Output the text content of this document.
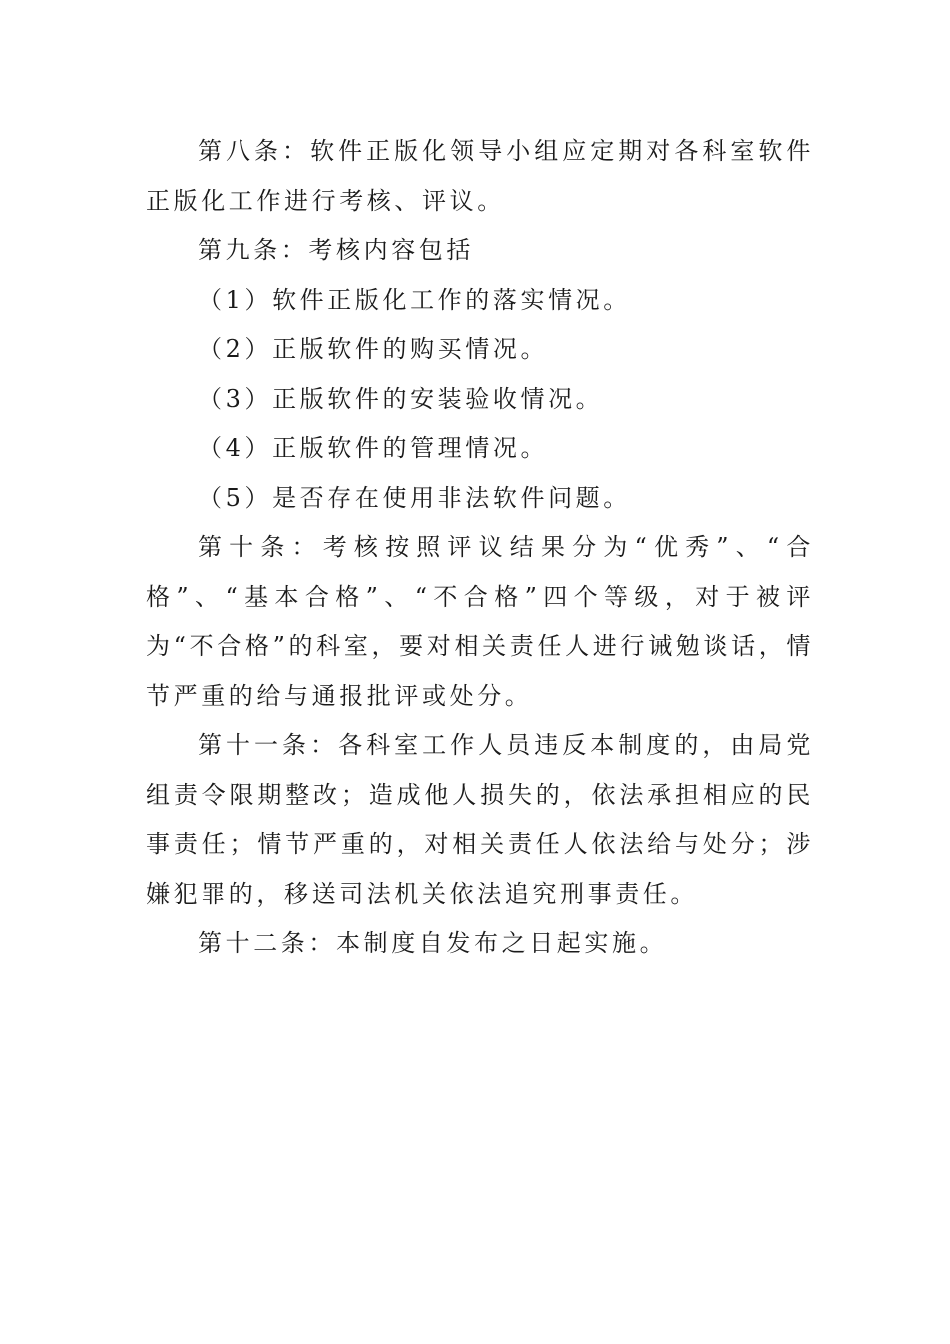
第八条：软件正版化领导小组应定期对各科室软件正版化工作进行考核、评议。

第九条：考核内容包括

（1）软件正版化工作的落实情况。

（2）正版软件的购买情况。

（3）正版软件的安装验收情况。

（4）正版软件的管理情况。

（5）是否存在使用非法软件问题。

第十条：考核按照评议结果分为“优秀”、“合格”、“基本合格”、“不合格”四个等级，对于被评为“不合格”的科室，要对相关责任人进行诫勉谈话，情节严重的给与通报批评或处分。

第十一条：各科室工作人员违反本制度的，由局党组责令限期整改；造成他人损失的，依法承担相应的民事责任；情节严重的，对相关责任人依法给与处分；涉嫌犯罪的，移送司法机关依法追究刑事责任。

第十二条：本制度自发布之日起实施。
